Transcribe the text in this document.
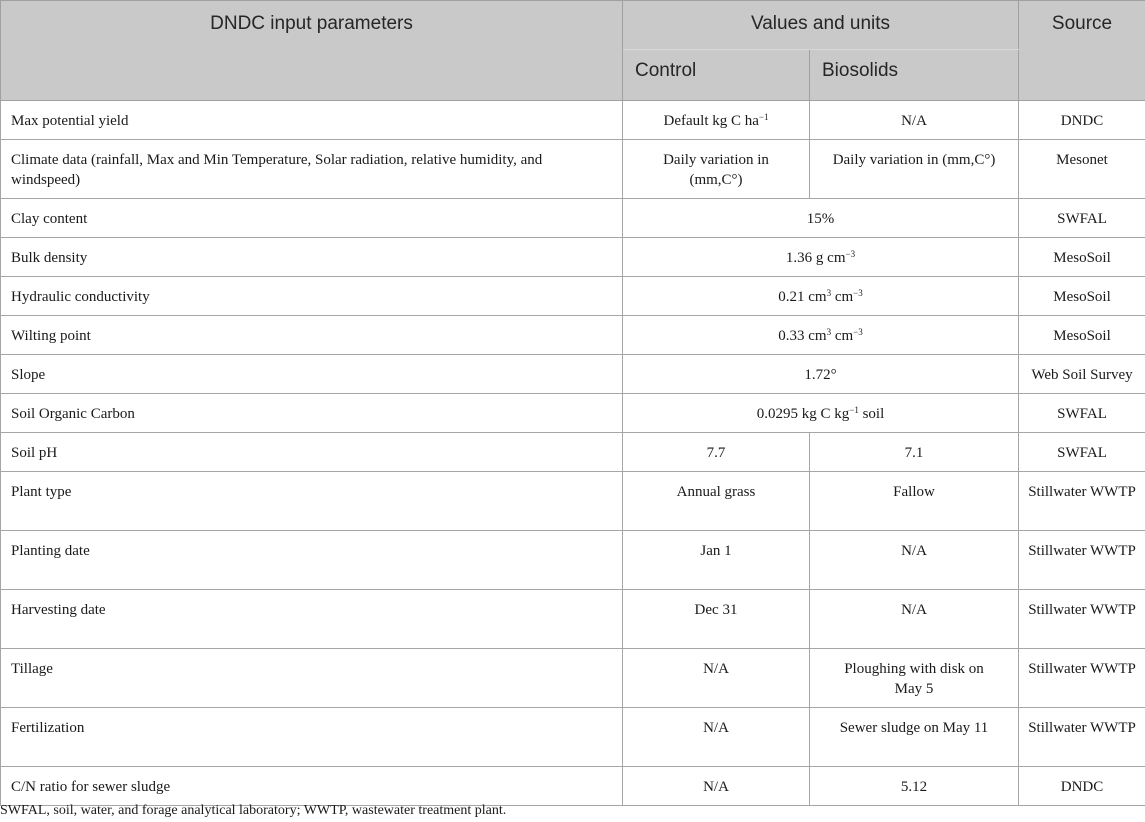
DNDC input parameters	Values and units		Source
	Control	Biosolids	
Max potential yield	Default kg C $ha^{-1}$	N/A	DNDC
Climate data (rainfall, Max and Min Temperature, Solar radiation, relative humidity, and windspeed)	Daily variation in (mm,C°)	Daily variation in (mm,C°)	Mesonet
Clay content	15%		SWFAL
Bulk density	1.36 g $cm^{-3}$		MesoSoil
Hydraulic conductivity	0.21 $cm^3$ $cm^{-3}$		MesoSoil
Wilting point	0.33 $cm^3$ $cm^{-3}$		MesoSoil
Slope	1.72°		Web Soil Survey
Soil Organic Carbon	0.0295 kg C $kg^{-1}$ soil		SWFAL
Soil pH	7.7	7.1	SWFAL
Plant type	Annual grass	Fallow	Stillwater WWTP
Planting date	Jan 1	N/A	Stillwater WWTP
Harvesting date	Dec 31	N/A	Stillwater WWTP
Tillage	N/A	Ploughing with disk on May 5	Stillwater WWTP
Fertilization	N/A	Sewer sludge on May 11	Stillwater WWTP
C/N ratio for sewer sludge	N/A	5.12	DNDC
SWFAL, soil, water, and forage analytical laboratory; WWTP, wastewater treatment plant.
